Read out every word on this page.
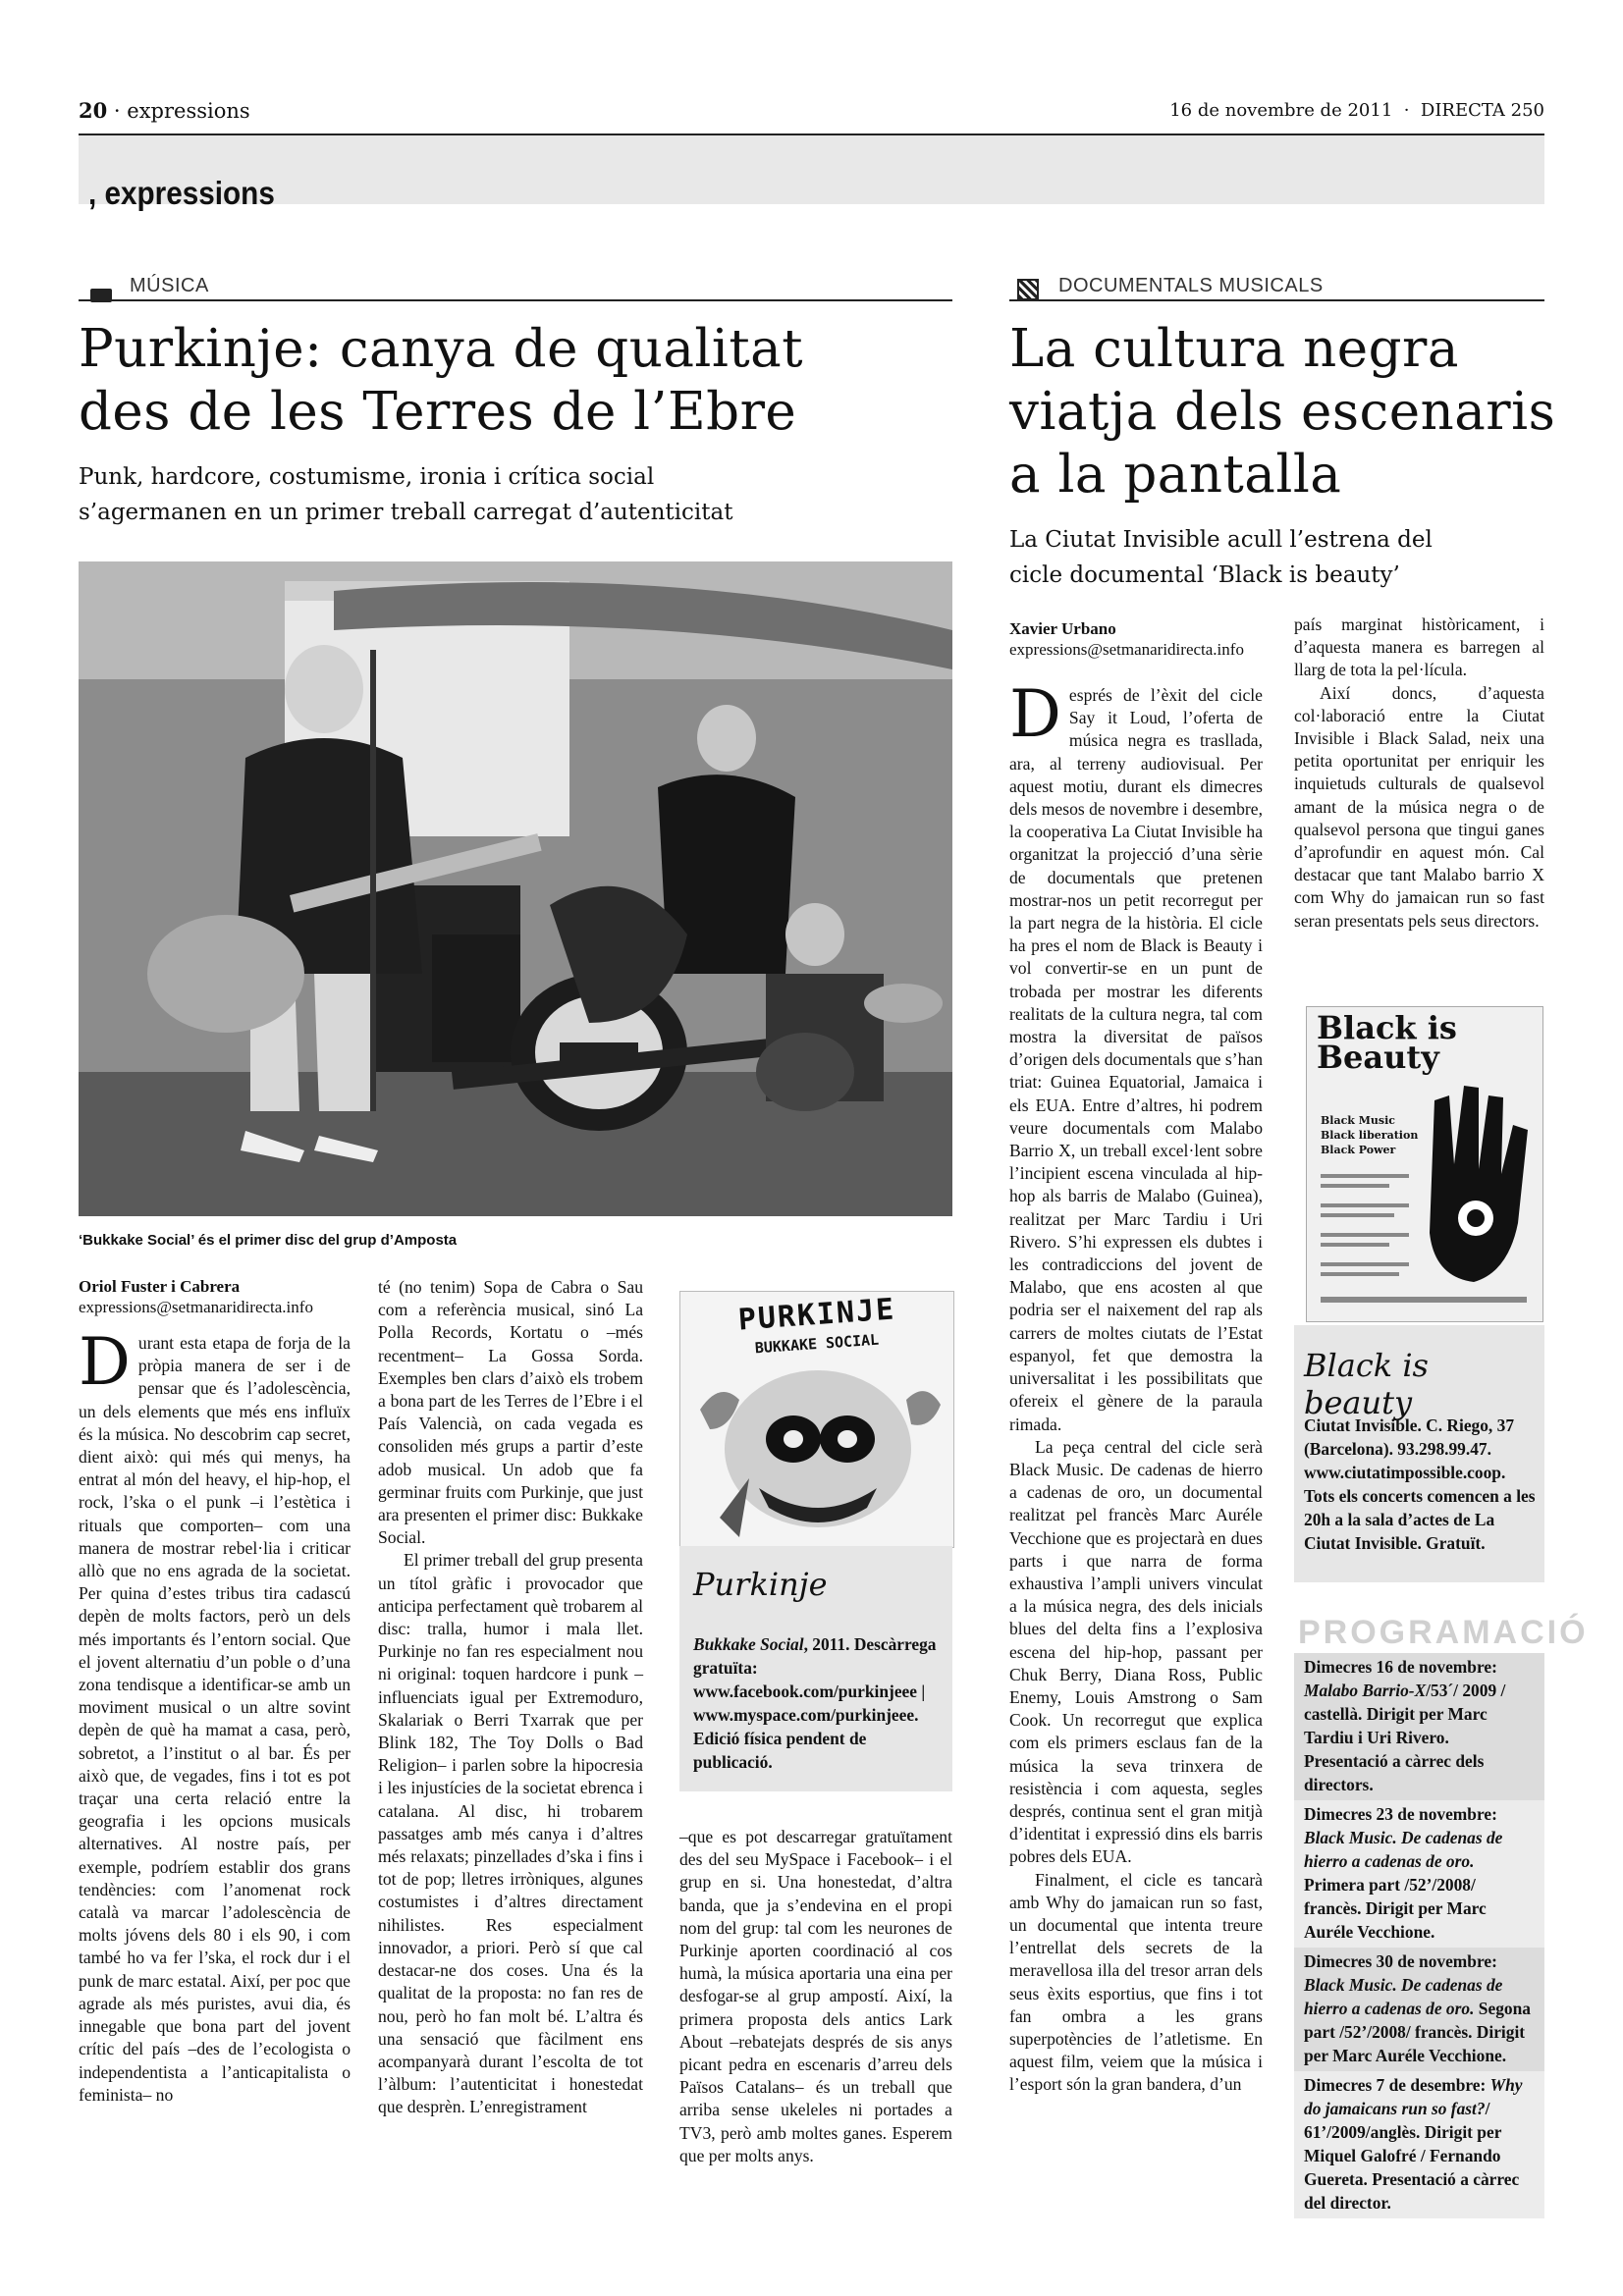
20 · expressions	16 de novembre de 2011  ·  DIRECTA 250
, expressions
MÚSICA
Purkinje: canya de qualitat
des de les Terres de l’Ebre
Punk, hardcore, costumisme, ironia i crítica social
s’agermanen en un primer treball carregat d’autenticitat
‘Bukkake Social’ és el primer disc del grup d’Amposta
Oriol Fuster i Cabrera
expressions@setmanaridirecta.info

Durant esta etapa de forja de la pròpia manera de ser i de pensar que és l’adolescència, un dels elements que més ens influïx és la música. No descobrim cap secret, dient això: qui més qui menys, ha entrat al món del heavy, el hip-hop, el rock, l’ska o el punk –i l’estètica i rituals que comporten– com una manera de mostrar rebel·lia i criticar allò que no ens agrada de la societat. Per quina d’estes tribus tira cadascú depèn de molts factors, però un dels més importants és l’entorn social. Que el jovent alternatiu d’un poble o d’una zona tendisque a identificar-se amb un moviment musical o un altre sovint depèn de què ha mamat a casa, però, sobretot, a l’institut o al bar. És per això que, de vegades, fins i tot es pot traçar una certa relació entre la geografia i les opcions musicals alternatives. Al nostre país, per exemple, podríem establir dos grans tendències: com l’anomenat rock català va marcar l’adolescència de molts jóvens dels 80 i els 90, i com també ho va fer l’ska, el rock dur i el punk de marc estatal. Així, per poc que agrade als més puristes, avui dia, és innegable que bona part del jovent crític del país –des de l’ecologista o independentista a l’anticapitalista o feminista– no

té (no tenim) Sopa de Cabra o Sau com a referència musical, sinó La Polla Records, Kortatu o –més recentment– La Gossa Sorda. Exemples ben clars d’això els trobem a bona part de les Terres de l’Ebre i el País Valencià, on cada vegada es consoliden més grups a partir d’este adob musical. Un adob que fa germinar fruits com Purkinje, que just ara presenten el primer disc: Bukkake Social.

El primer treball del grup presenta un títol gràfic i provocador que anticipa perfectament què trobarem al disc: tralla, humor i mala llet. Purkinje no fan res especialment nou ni original: toquen hardcore i punk –influenciats igual per Extremoduro, Skalariak o Berri Txarrak que per Blink 182, The Toy Dolls o Bad Religion– i parlen sobre la hipocresia i les injustícies de la societat ebrenca i catalana. Al disc, hi trobarem passatges amb més canya i d’altres més relaxats; pinzellades d’ska i fins i tot de pop; lletres irròniques, algunes costumistes i d’altres directament nihilistes. Res especialment innovador, a priori. Però sí que cal destacar-ne dos coses. Una és la qualitat de la proposta: no fan res de nou, però ho fan molt bé. L’altra és una sensació que fàcilment ens acompanyarà durant l’escolta de tot l’àlbum: l’autenticitat i honestedat que desprèn. L’enregistrament

PURKINJE
BUKKAKE SOCIAL
Purkinje
Bukkake Social, 2011. Descàrrega gratuïta: www.facebook.com/purkinjeee | www.myspace.com/purkinjeee. Edició física pendent de publicació.

–que es pot descarregar gratuïtament des del seu MySpace i Facebook– i el grup en si. Una honestedat, d’altra banda, que ja s’endevina en el propi nom del grup: tal com les neurones de Purkinje aporten coordinació al cos humà, la música aportaria una eina per desfogar-se al grup ampostí. Així, la primera proposta dels antics Lark About –rebatejats després de sis anys picant pedra en escenaris d’arreu dels Països Catalans– és un treball que arriba sense ukeleles ni portades a TV3, però amb moltes ganes. Esperem que per molts anys.

DOCUMENTALS MUSICALS
La cultura negra
viatja dels escenaris
a la pantalla
La Ciutat Invisible acull l’estrena del
cicle documental ‘Black is beauty’
Xavier Urbano
expressions@setmanaridirecta.info

Després de l’èxit del cicle Say it Loud, l’oferta de música negra es trasllada, ara, al terreny audiovisual. Per aquest motiu, durant els dimecres dels mesos de novembre i desembre, la cooperativa La Ciutat Invisible ha organitzat la projecció d’una sèrie de documentals que pretenen mostrar-nos un petit recorregut per la part negra de la història. El cicle ha pres el nom de Black is Beauty i vol convertir-se en un punt de trobada per mostrar les diferents realitats de la cultura negra, tal com mostra la diversitat de països d’origen dels documentals que s’han triat: Guinea Equatorial, Jamaica i els EUA. Entre d’altres, hi podrem veure documentals com Malabo Barrio X, un treball excel·lent sobre l’incipient escena vinculada al hip-hop als barris de Malabo (Guinea), realitzat per Marc Tardiu i Uri Rivero. S’hi expressen els dubtes i les contradiccions del jovent de Malabo, que ens acosten al que podria ser el naixement del rap als carrers de moltes ciutats de l’Estat espanyol, fet que demostra la universalitat i les possibilitats que ofereix el gènere de la paraula rimada.

La peça central del cicle serà Black Music. De cadenas de hierro a cadenas de oro, un documental realitzat pel francès Marc Auréle Vecchione que es projectarà en dues parts i que narra de forma exhaustiva l’ampli univers vinculat a la música negra, des dels inicials blues del delta fins a l’explosiva escena del hip-hop, passant per Chuk Berry, Diana Ross, Public Enemy, Louis Amstrong o Sam Cook. Un recorregut que explica com els primers esclaus fan de la música la seva trinxera de resistència i com aquesta, segles després, continua sent el gran mitjà d’identitat i expressió dins els barris pobres dels EUA.

Finalment, el cicle es tancarà amb Why do jamaican run so fast, un documental que intenta treure l’entrellat dels secrets de la meravellosa illa del tresor arran dels seus èxits esportius, que fins i tot fan ombra a les grans superpotències de l’atletisme. En aquest film, veiem que la música i l’esport són la gran bandera, d’un

país marginat històricament, i d’aquesta manera es barregen al llarg de tota la pel·lícula.

Així doncs, d’aquesta col·laboració entre la Ciutat Invisible i Black Salad, neix una petita oportunitat per enriquir les inquietuds culturals de qualsevol amant de la música negra o de qualsevol persona que tingui ganes d’aprofundir en aquest món. Cal destacar que tant Malabo barrio X com Why do jamaican run so fast seran presentats pels seus directors.

Black is
Beauty
Black Music
Black liberation
Black Power
Black is beauty
Ciutat Invisible. C. Riego, 37 (Barcelona). 93.298.99.47. www.ciutatimpossible.coop. Tots els concerts comencen a les 20h a la sala d’actes de La Ciutat Invisible. Gratuït.
PROGRAMACIÓ
Dimecres 16 de novembre: Malabo Barrio-X/53´/ 2009 / castellà. Dirigit per Marc Tardiu i Uri Rivero. Presentació a càrrec dels directors.
Dimecres 23 de novembre: Black Music. De cadenas de hierro a cadenas de oro. Primera part /52’/2008/ francès. Dirigit per Marc Auréle Vecchione.
Dimecres 30 de novembre: Black Music. De cadenas de hierro a cadenas de oro. Segona part /52’/2008/ francès. Dirigit per Marc Auréle Vecchione.
Dimecres 7 de desembre: Why do jamaicans run so fast?/ 61’/2009/anglès. Dirigit per Miquel Galofré / Fernando Guereta. Presentació a càrrec del director.
